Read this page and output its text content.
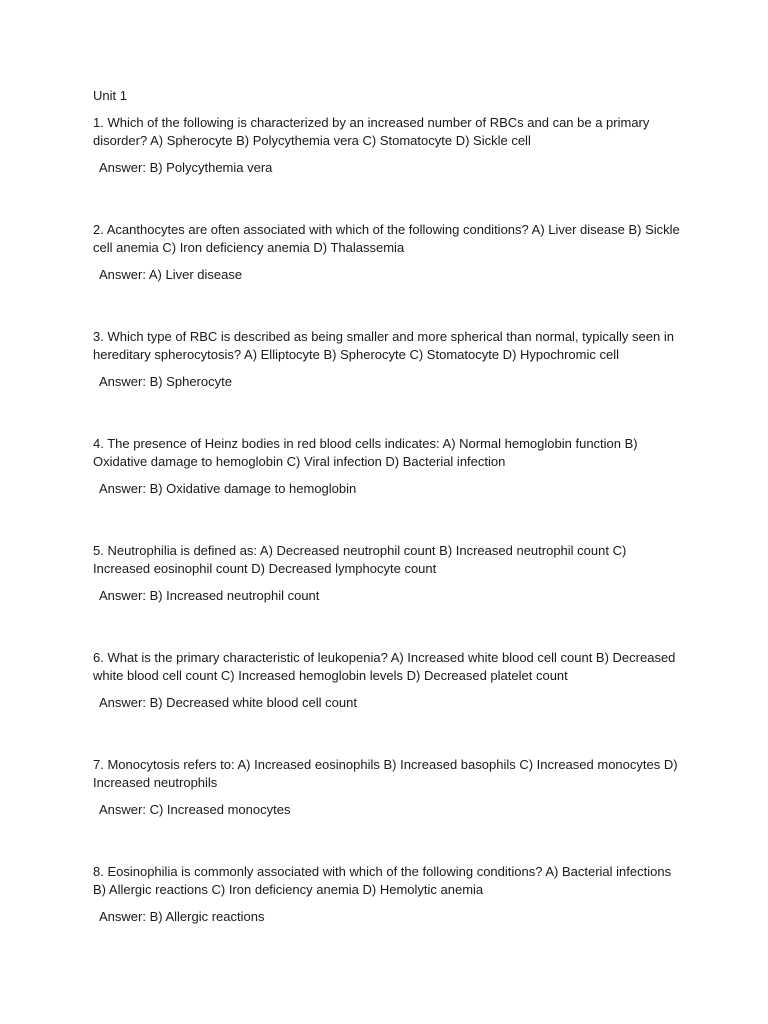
Unit 1

1. Which of the following is characterized by an increased number of RBCs and can be a primary disorder? A) Spherocyte B) Polycythemia vera C) Stomatocyte D) Sickle cell

Answer: B) Polycythemia vera

2. Acanthocytes are often associated with which of the following conditions? A) Liver disease B) Sickle cell anemia C) Iron deficiency anemia D) Thalassemia

Answer: A) Liver disease

3. Which type of RBC is described as being smaller and more spherical than normal, typically seen in hereditary spherocytosis? A) Elliptocyte B) Spherocyte C) Stomatocyte D) Hypochromic cell

Answer: B) Spherocyte

4. The presence of Heinz bodies in red blood cells indicates: A) Normal hemoglobin function B) Oxidative damage to hemoglobin C) Viral infection D) Bacterial infection

Answer: B) Oxidative damage to hemoglobin

5. Neutrophilia is defined as: A) Decreased neutrophil count B) Increased neutrophil count C) Increased eosinophil count D) Decreased lymphocyte count

Answer: B) Increased neutrophil count

6. What is the primary characteristic of leukopenia? A) Increased white blood cell count B) Decreased white blood cell count C) Increased hemoglobin levels D) Decreased platelet count

Answer: B) Decreased white blood cell count

7. Monocytosis refers to: A) Increased eosinophils B) Increased basophils C) Increased monocytes D) Increased neutrophils

Answer: C) Increased monocytes

8. Eosinophilia is commonly associated with which of the following conditions? A) Bacterial infections B) Allergic reactions C) Iron deficiency anemia D) Hemolytic anemia

Answer: B) Allergic reactions
